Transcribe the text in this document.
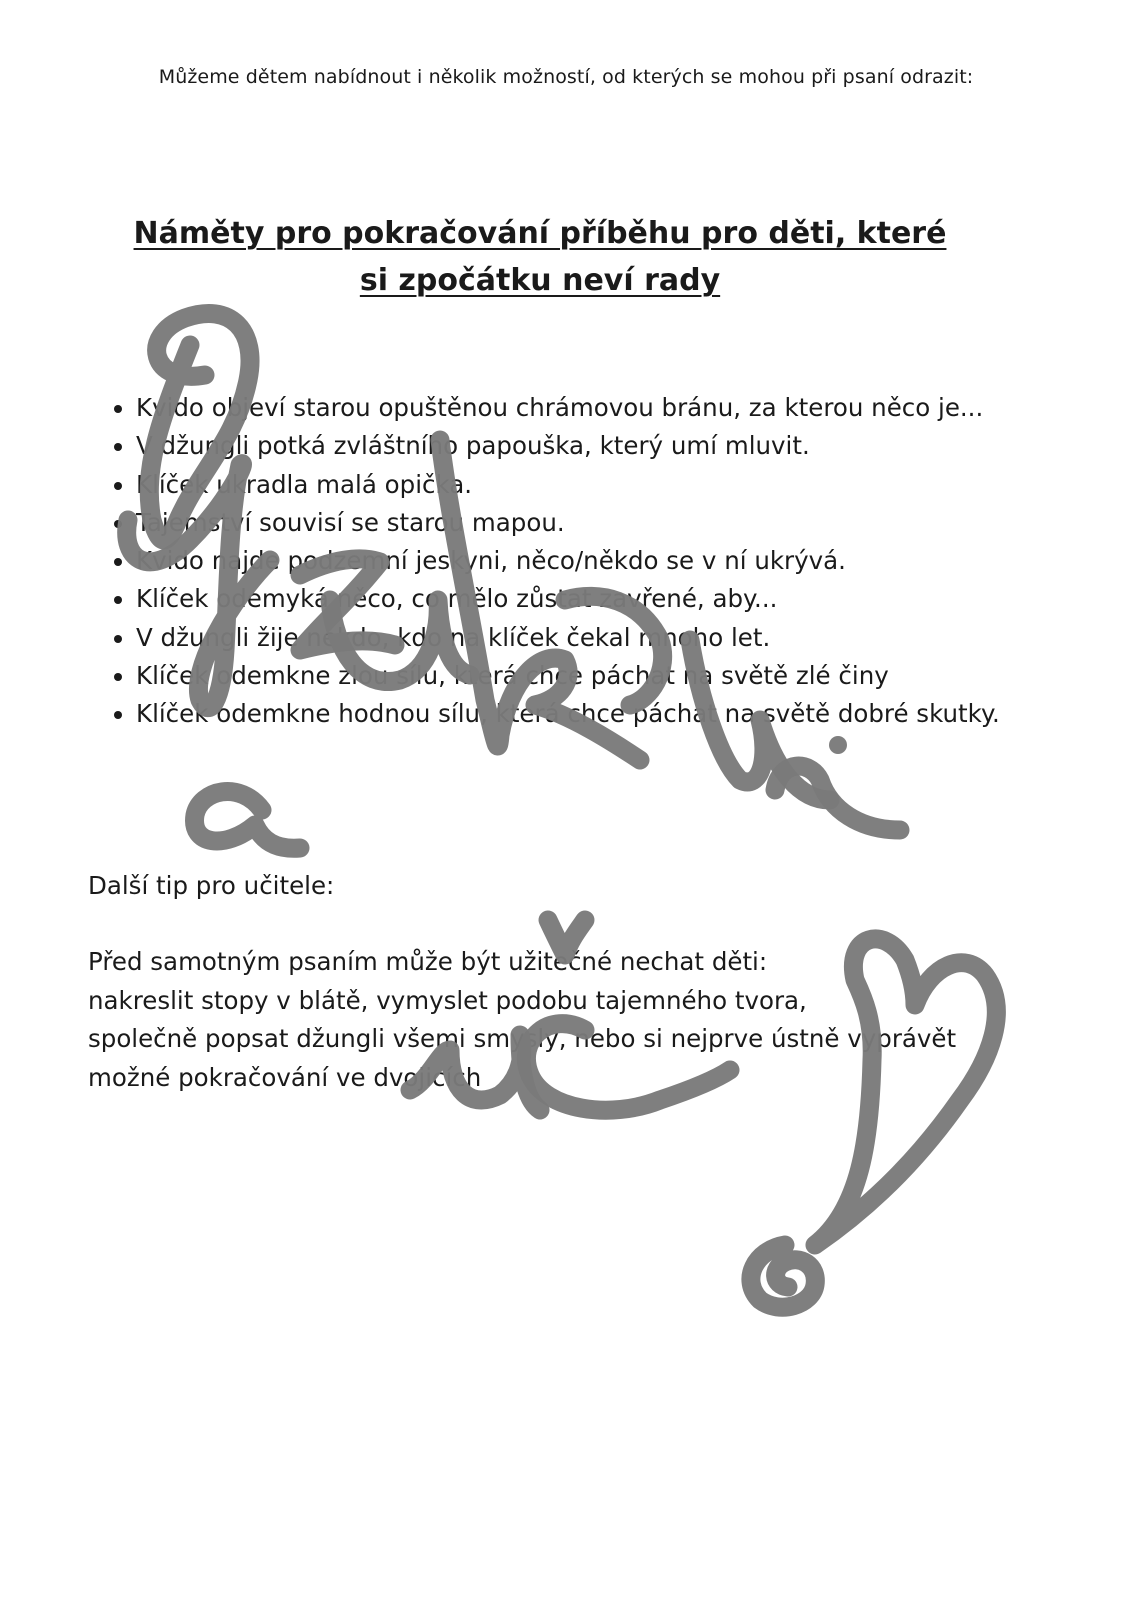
Můžeme dětem nabídnout i několik možností, od kterých se mohou při psaní odrazit:
Náměty pro pokračování příběhu pro děti, které
si zpočátku neví rady
• Kvido objeví starou opuštěnou chrámovou bránu, za kterou něco je...
• V džungli potká zvláštního papouška, který umí mluvit.
• Klíček ukradla malá opička.
• Tajemství souvisí se starou mapou.
• Kvido najde podzemní jeskyni, něco/někdo se v ní ukrývá.
• Klíček odemyká něco, co mělo zůstat zavřené, aby...
• V džungli žije někdo, kdo na klíček čekal mnoho let.
• Klíček odemkne zlou sílu, která chce páchat na světě zlé činy
• Klíček odemkne hodnou sílu, která chce páchat na světě dobré skutky.
Další tip pro učitele:
Před samotným psaním může být užitečné nechat děti:
nakreslit stopy v blátě, vymyslet podobu tajemného tvora,
společně popsat džungli všemi smysly, nebo si nejprve ústně vyprávět
možné pokračování ve dvojicích
